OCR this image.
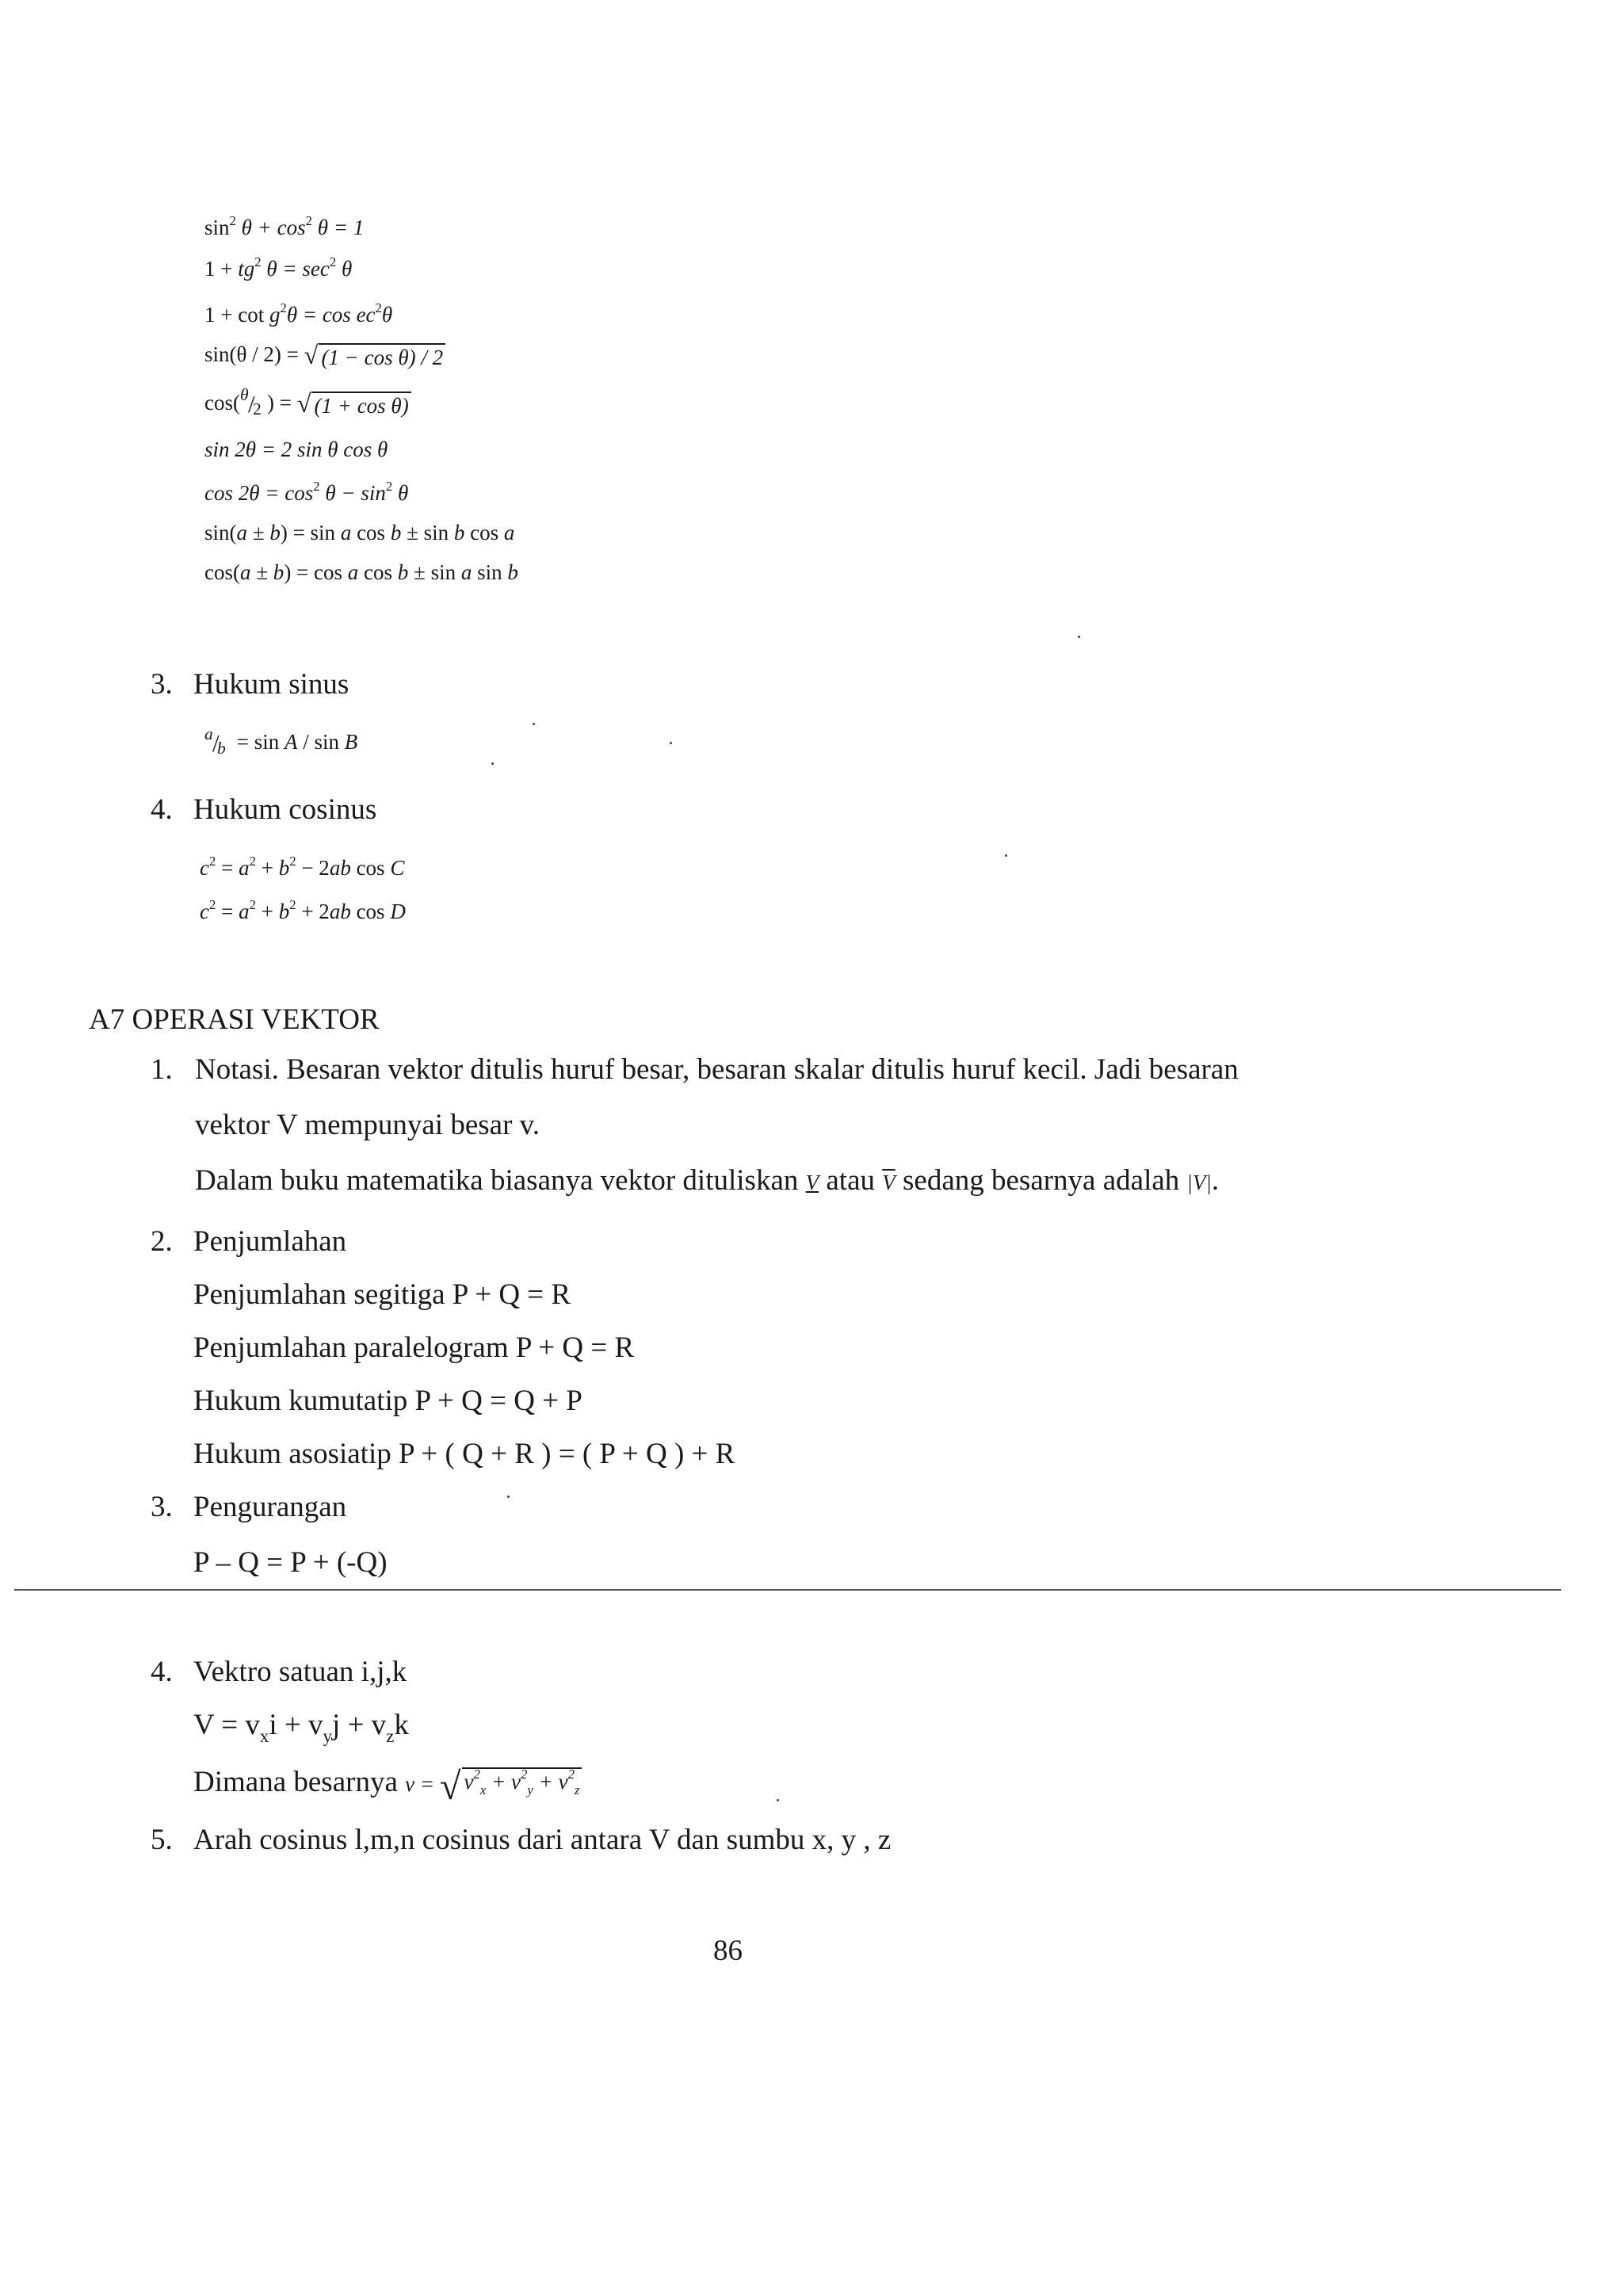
$\sin^2 \theta + \cos^2 \theta = 1$
$1 + tg^2$ $\theta = \sec^2 \theta$
$1 + \cot g^2\theta = \cos ec^2\theta$
sin(θ / 2) = √ (1 − cos θ) / 2
cos( θ /
2 ) = √ (1 + cos θ)
sin 2θ = 2 sin θ cos θ
$\cos 2\theta = \cos^2 \theta - \sin^2 \theta$
sin(a ± b) = sin a cos b ± sin b cos a
cos(a ± b) = cos a cos b ± sin a sin b
3. Hukum sinus
a /
b = sin A / sin B
4. Hukum cosinus
$c^2 = a^2 + b^2 - 2ab$ cos C
$c^2 = a^2 + b^2 + 2ab$ cos D
A7 OPERASI VEKTOR
1. Notasi. Besaran vektor ditulis huruf besar, besaran skalar ditulis huruf kecil. Jadi besaran
vektor V mempunyai besar v.
Dalam buku matematika biasanya vektor dituliskan V atau $\overline{V}$ sedang besarnya adalah |V|.
2. Penjumlahan
Penjumlahan segitiga P + Q = R
Penjumlahan paralelogram P + Q = R
Hukum kumutatip P + Q = Q + P
Hukum asosiatip P + ( Q + R ) = ( P + Q ) + R
3. Pengurangan
P – Q = P + (-Q)
4. Vektro satuan i,j,k
$V = v_xi + v_yj + v_zk$
Dimana besarnya v = √ $v^2_x + v^2_y + v^2_z$
5. Arah cosinus l,m,n cosinus dari antara V dan sumbu x, y , z
86
